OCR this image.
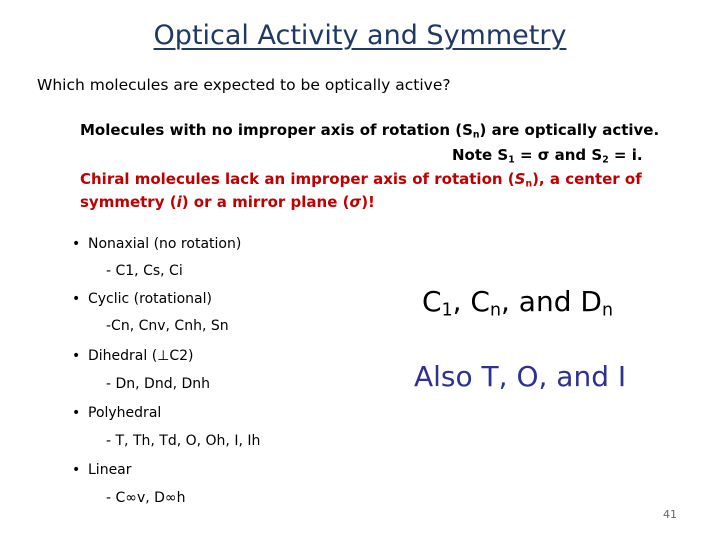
Optical Activity and Symmetry
Which molecules are expected to be optically active?
Molecules with no improper axis of rotation $(S_n)$ are optically active.
Note $S_1 = \sigma$ and $S_2 = i$.
Chiral molecules lack an improper axis of rotation $(S_n)$, a center of
symmetry (i) or a mirror plane (σ)!
• Nonaxial (no rotation)
- C1, Cs, Ci
• Cyclic (rotational)
-Cn, Cnv, Cnh, Sn
• Dihedral (⊥C2)
- Dn, Dnd, Dnh
• Polyhedral
- T, Th, Td, O, Oh, I, Ih
• Linear
- C∞v, D∞h
$C_1$, $C_n$, and $D_n$
Also T, O, and I
41
